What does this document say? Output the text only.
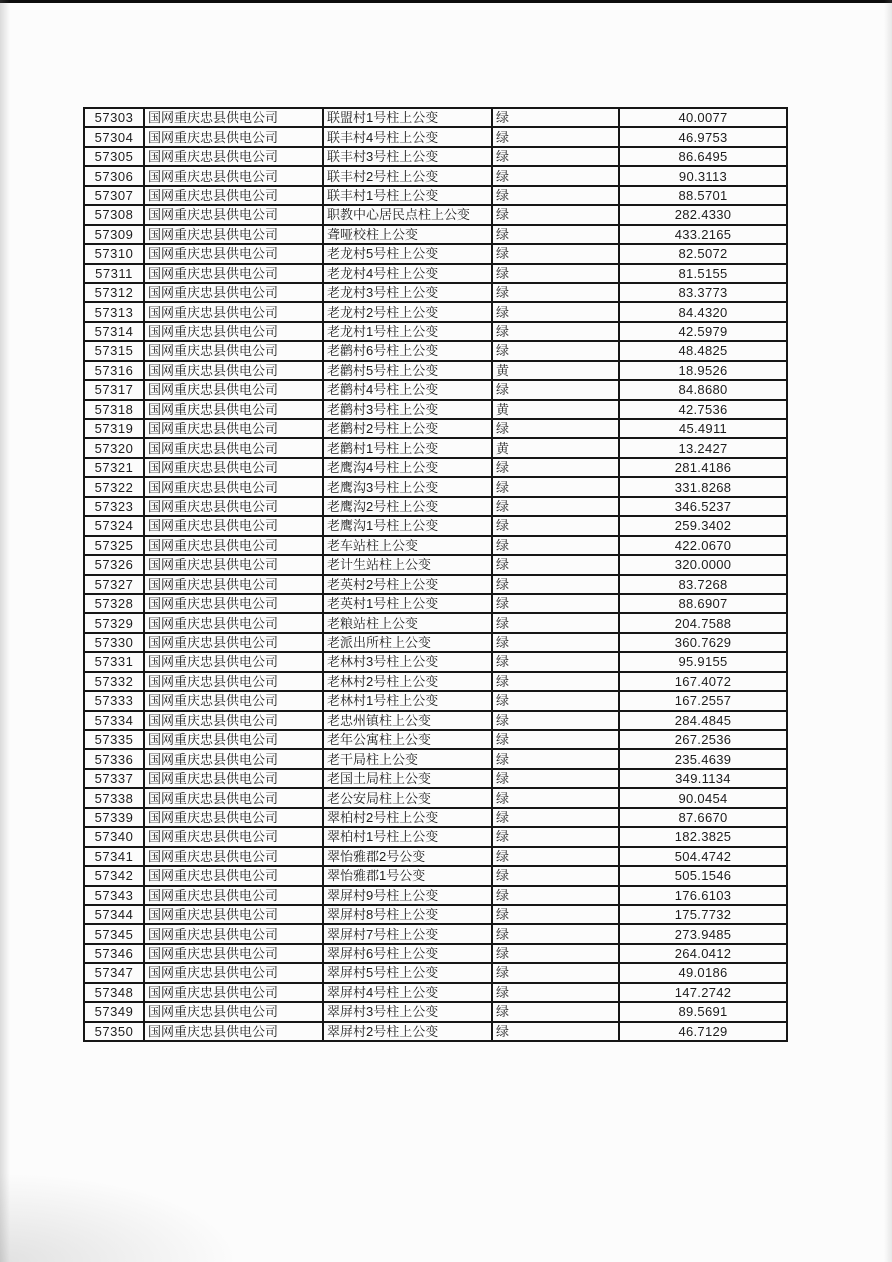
57303	国网重庆忠县供电公司	联盟村1号柱上公变	绿	40.0077
57304	国网重庆忠县供电公司	联丰村4号柱上公变	绿	46.9753
57305	国网重庆忠县供电公司	联丰村3号柱上公变	绿	86.6495
57306	国网重庆忠县供电公司	联丰村2号柱上公变	绿	90.3113
57307	国网重庆忠县供电公司	联丰村1号柱上公变	绿	88.5701
57308	国网重庆忠县供电公司	职教中心居民点柱上公变	绿	282.4330
57309	国网重庆忠县供电公司	聋哑校柱上公变	绿	433.2165
57310	国网重庆忠县供电公司	老龙村5号柱上公变	绿	82.5072
57311	国网重庆忠县供电公司	老龙村4号柱上公变	绿	81.5155
57312	国网重庆忠县供电公司	老龙村3号柱上公变	绿	83.3773
57313	国网重庆忠县供电公司	老龙村2号柱上公变	绿	84.4320
57314	国网重庆忠县供电公司	老龙村1号柱上公变	绿	42.5979
57315	国网重庆忠县供电公司	老鹳村6号柱上公变	绿	48.4825
57316	国网重庆忠县供电公司	老鹳村5号柱上公变	黄	18.9526
57317	国网重庆忠县供电公司	老鹳村4号柱上公变	绿	84.8680
57318	国网重庆忠县供电公司	老鹳村3号柱上公变	黄	42.7536
57319	国网重庆忠县供电公司	老鹳村2号柱上公变	绿	45.4911
57320	国网重庆忠县供电公司	老鹳村1号柱上公变	黄	13.2427
57321	国网重庆忠县供电公司	老鹰沟4号柱上公变	绿	281.4186
57322	国网重庆忠县供电公司	老鹰沟3号柱上公变	绿	331.8268
57323	国网重庆忠县供电公司	老鹰沟2号柱上公变	绿	346.5237
57324	国网重庆忠县供电公司	老鹰沟1号柱上公变	绿	259.3402
57325	国网重庆忠县供电公司	老车站柱上公变	绿	422.0670
57326	国网重庆忠县供电公司	老计生站柱上公变	绿	320.0000
57327	国网重庆忠县供电公司	老英村2号柱上公变	绿	83.7268
57328	国网重庆忠县供电公司	老英村1号柱上公变	绿	88.6907
57329	国网重庆忠县供电公司	老粮站柱上公变	绿	204.7588
57330	国网重庆忠县供电公司	老派出所柱上公变	绿	360.7629
57331	国网重庆忠县供电公司	老林村3号柱上公变	绿	95.9155
57332	国网重庆忠县供电公司	老林村2号柱上公变	绿	167.4072
57333	国网重庆忠县供电公司	老林村1号柱上公变	绿	167.2557
57334	国网重庆忠县供电公司	老忠州镇柱上公变	绿	284.4845
57335	国网重庆忠县供电公司	老年公寓柱上公变	绿	267.2536
57336	国网重庆忠县供电公司	老干局柱上公变	绿	235.4639
57337	国网重庆忠县供电公司	老国土局柱上公变	绿	349.1134
57338	国网重庆忠县供电公司	老公安局柱上公变	绿	90.0454
57339	国网重庆忠县供电公司	翠柏村2号柱上公变	绿	87.6670
57340	国网重庆忠县供电公司	翠柏村1号柱上公变	绿	182.3825
57341	国网重庆忠县供电公司	翠怡雅郡2号公变	绿	504.4742
57342	国网重庆忠县供电公司	翠怡雅郡1号公变	绿	505.1546
57343	国网重庆忠县供电公司	翠屏村9号柱上公变	绿	176.6103
57344	国网重庆忠县供电公司	翠屏村8号柱上公变	绿	175.7732
57345	国网重庆忠县供电公司	翠屏村7号柱上公变	绿	273.9485
57346	国网重庆忠县供电公司	翠屏村6号柱上公变	绿	264.0412
57347	国网重庆忠县供电公司	翠屏村5号柱上公变	绿	49.0186
57348	国网重庆忠县供电公司	翠屏村4号柱上公变	绿	147.2742
57349	国网重庆忠县供电公司	翠屏村3号柱上公变	绿	89.5691
57350	国网重庆忠县供电公司	翠屏村2号柱上公变	绿	46.7129
